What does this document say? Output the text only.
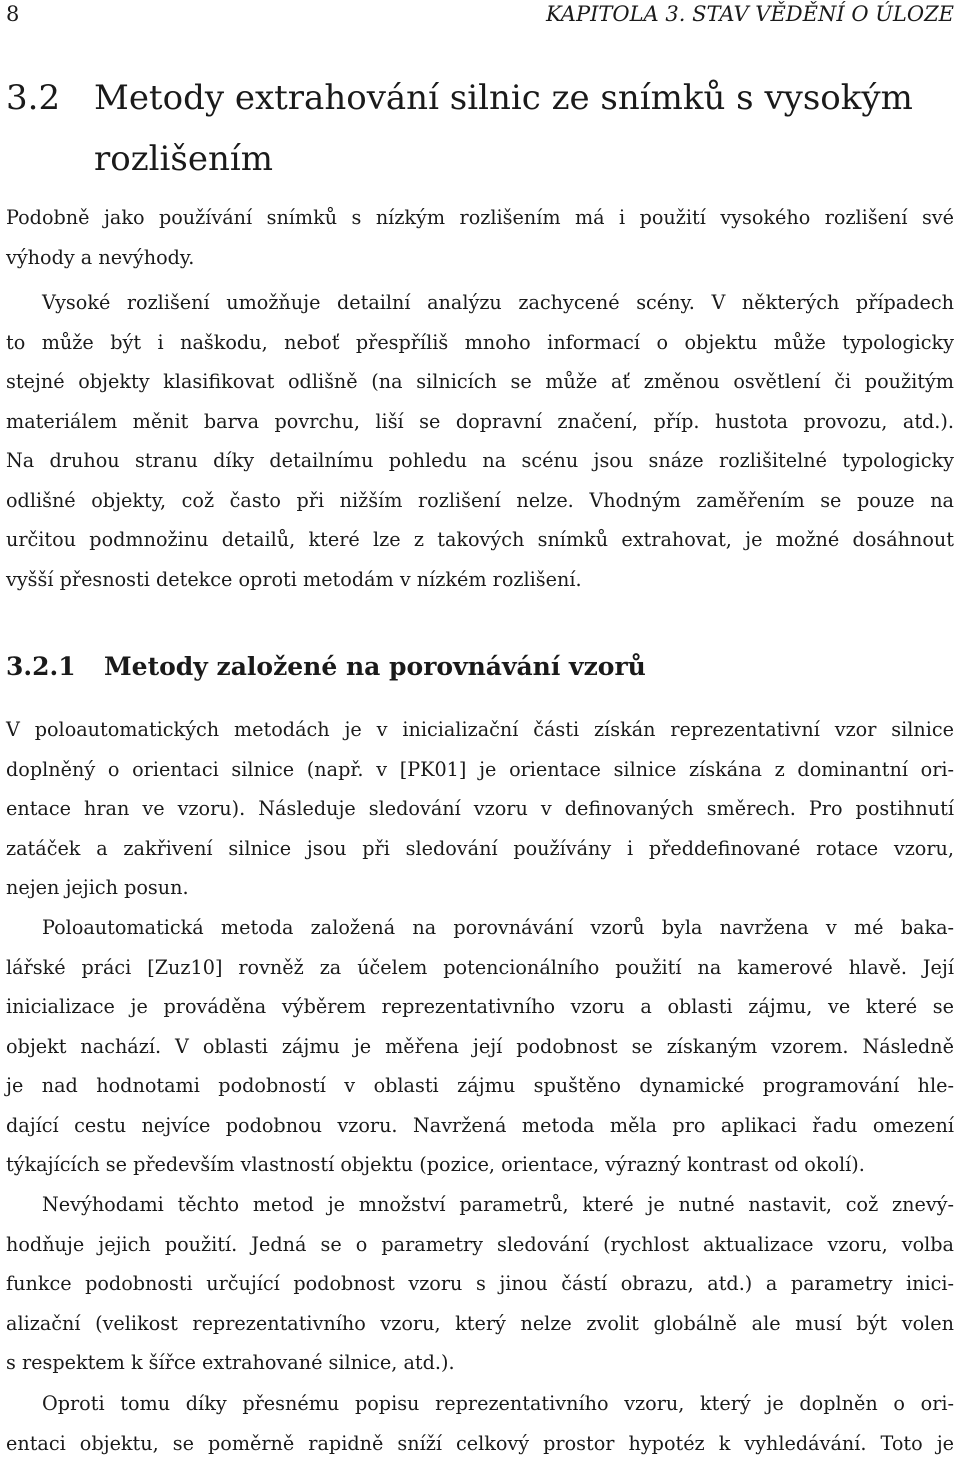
8	KAPITOLA 3. STAV VĚDĚNÍ O ÚLOZE
3.2 Metody extrahování silnic ze snímků s vysokým rozlišením

Podobně jako používání snímků s nízkým rozlišením má i použití vysokého rozlišení své
výhody a nevýhody.

Vysoké rozlišení umožňuje detailní analýzu zachycené scény. V některých případech
to může být i naškodu, neboť přespříliš mnoho informací o objektu může typologicky
stejné objekty klasifikovat odlišně (na silnicích se může ať změnou osvětlení či použitým
materiálem měnit barva povrchu, liší se dopravní značení, příp. hustota provozu, atd.).
Na druhou stranu díky detailnímu pohledu na scénu jsou snáze rozlišitelné typologicky
odlišné objekty, což často při nižším rozlišení nelze. Vhodným zaměřením se pouze na
určitou podmnožinu detailů, které lze z takových snímků extrahovat, je možné dosáhnout
vyšší přesnosti detekce oproti metodám v nízkém rozlišení.

3.2.1 Metody založené na porovnávání vzorů

V poloautomatických metodách je v inicializační části získán reprezentativní vzor silnice
doplněný o orientaci silnice (např. v [PK01] je orientace silnice získána z dominantní ori-
entace hran ve vzoru). Následuje sledování vzoru v definovaných směrech. Pro postihnutí
zatáček a zakřivení silnice jsou při sledování používány i předdefinované rotace vzoru,
nejen jejich posun.

Poloautomatická metoda založená na porovnávání vzorů byla navržena v mé baka-
lářské práci [Zuz10] rovněž za účelem potencionálního použití na kamerové hlavě. Její
inicializace je prováděna výběrem reprezentativního vzoru a oblasti zájmu, ve které se
objekt nachází. V oblasti zájmu je měřena její podobnost se získaným vzorem. Následně
je nad hodnotami podobností v oblasti zájmu spuštěno dynamické programování hle-
dající cestu nejvíce podobnou vzoru. Navržená metoda měla pro aplikaci řadu omezení
týkajících se především vlastností objektu (pozice, orientace, výrazný kontrast od okolí).

Nevýhodami těchto metod je množství parametrů, které je nutné nastavit, což znevý-
hodňuje jejich použití. Jedná se o parametry sledování (rychlost aktualizace vzoru, volba
funkce podobnosti určující podobnost vzoru s jinou částí obrazu, atd.) a parametry inici-
alizační (velikost reprezentativního vzoru, který nelze zvolit globálně ale musí být volen
s respektem k šířce extrahované silnice, atd.).

Oproti tomu díky přesnému popisu reprezentativního vzoru, který je doplněn o ori-
entaci objektu, se poměrně rapidně sníží celkový prostor hypotéz k vyhledávání. Toto je
